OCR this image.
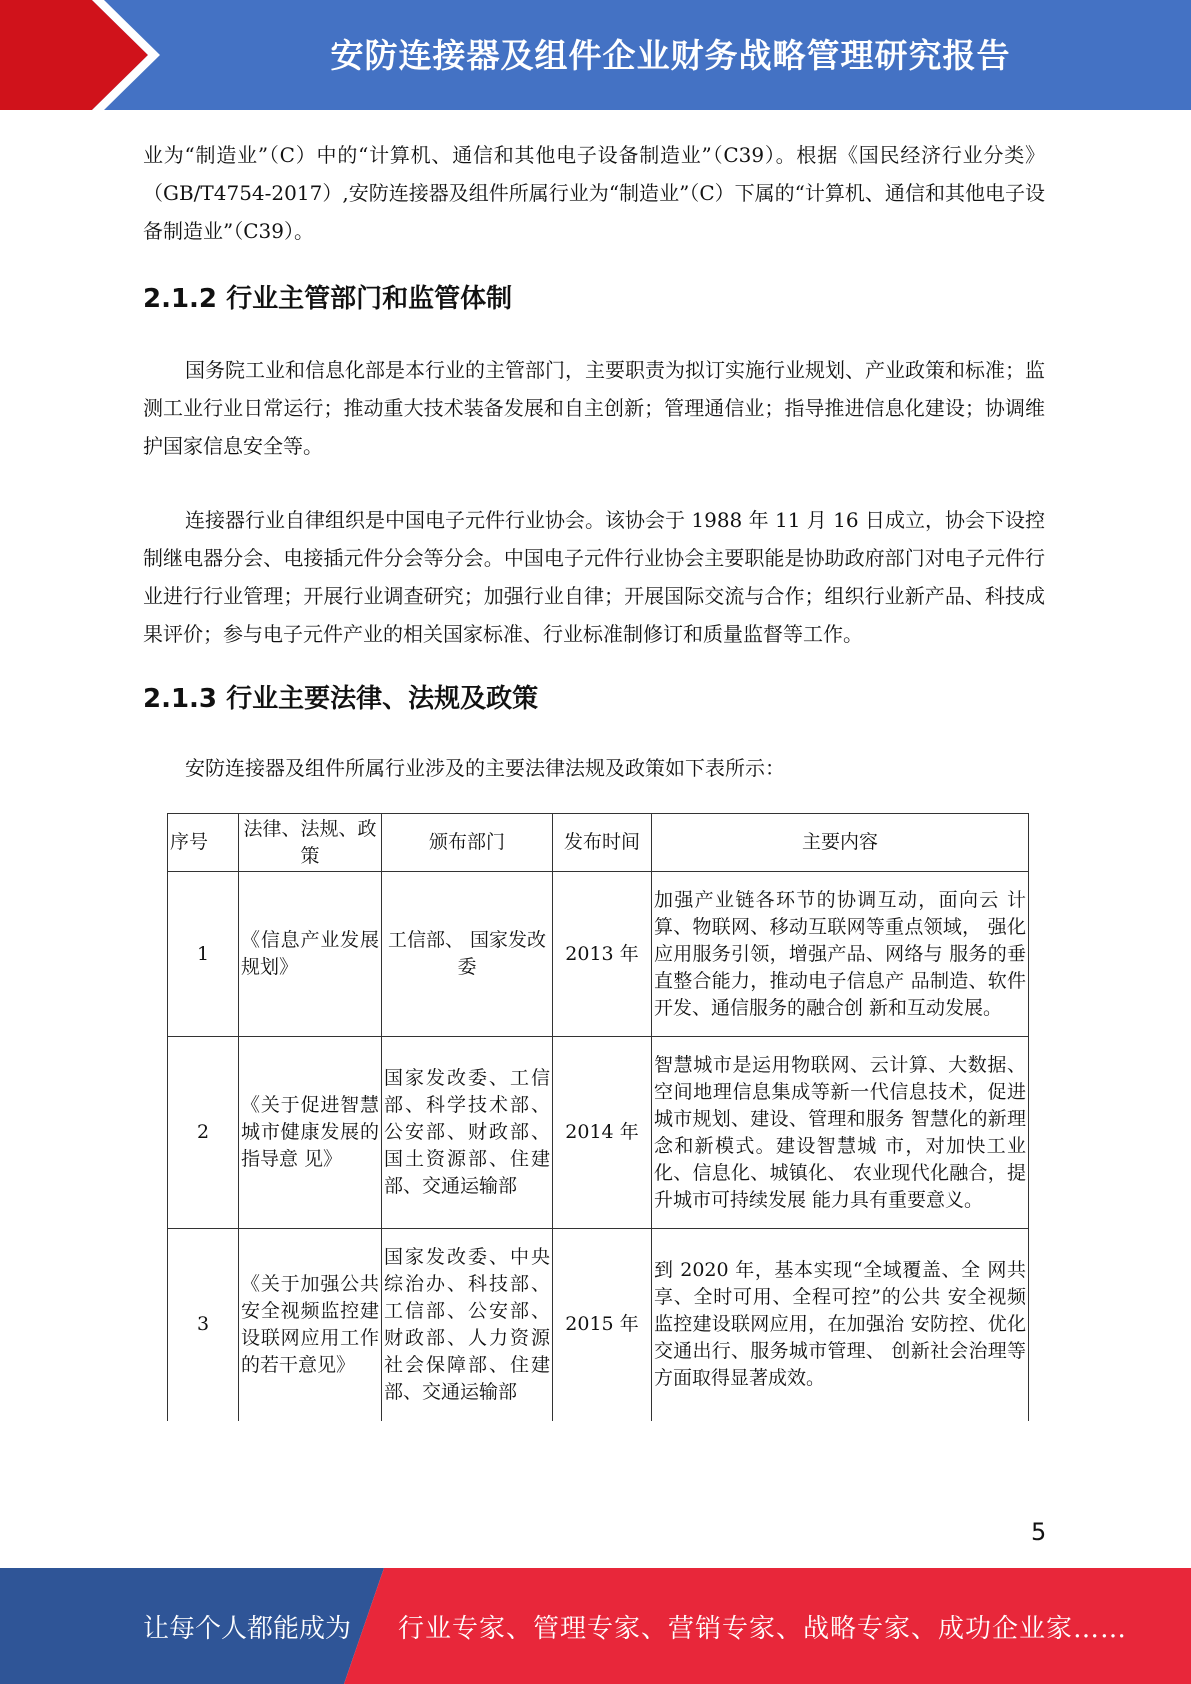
安防连接器及组件企业财务战略管理研究报告

业为“制造业”（C）中的“计算机、通信和其他电子设备制造业”（C39）。根据《国民经济行业分类》（GB/T4754-2017）,安防连接器及组件所属行业为“制造业”（C）下属的“计算机、通信和其他电子设备制造业”（C39）。

2.1.2 行业主管部门和监管体制

国务院工业和信息化部是本行业的主管部门，主要职责为拟订实施行业规划、产业政策和标准；监测工业行业日常运行；推动重大技术装备发展和自主创新；管理通信业；指导推进信息化建设；协调维护国家信息安全等。

连接器行业自律组织是中国电子元件行业协会。该协会于 1988 年 11 月 16 日成立，协会下设控制继电器分会、电接插元件分会等分会。中国电子元件行业协会主要职能是协助政府部门对电子元件行业进行行业管理；开展行业调查研究；加强行业自律；开展国际交流与合作；组织行业新产品、科技成果评价；参与电子元件产业的相关国家标准、行业标准制修订和质量监督等工作。

2.1.3 行业主要法律、法规及政策

安防连接器及组件所属行业涉及的主要法律法规及政策如下表所示：

序号	法律、法规、政策	颁布部门	发布时间	主要内容
1	《信息产业发展规划》	工信部、 国家发改委	2013 年	加强产业链各环节的协调互动，面向云 计算、物联网、移动互联网等重点领域， 强化应用服务引领，增强产品、网络与 服务的垂直整合能力，推动电子信息产 品制造、软件开发、通信服务的融合创 新和互动发展。
2	《关于促进智慧城市健康发展的指导意 见》	国家发改委、工信部、科学技术部、公安部、财政部、国土资源部、住建部、交通运输部	2014 年	智慧城市是运用物联网、云计算、大数据、空间地理信息集成等新一代信息技术，促进城市规划、建设、管理和服务 智慧化的新理念和新模式。建设智慧城 市，对加快工业化、信息化、城镇化、 农业现代化融合，提升城市可持续发展 能力具有重要意义。
3	《关于加强公共安全视频监控建设联网应用工作的若干意见》	国家发改委、中央综治办、科技部、工信部、公安部、财政部、人力资源社会保障部、住建部、交通运输部	2015 年	到 2020 年，基本实现“全域覆盖、全 网共享、全时可用、全程可控”的公共 安全视频监控建设联网应用，在加强治 安防控、优化交通出行、服务城市管理、 创新社会治理等方面取得显著成效。
5
让每个人都能成为 行业专家、管理专家、营销专家、战略专家、成功企业家……
